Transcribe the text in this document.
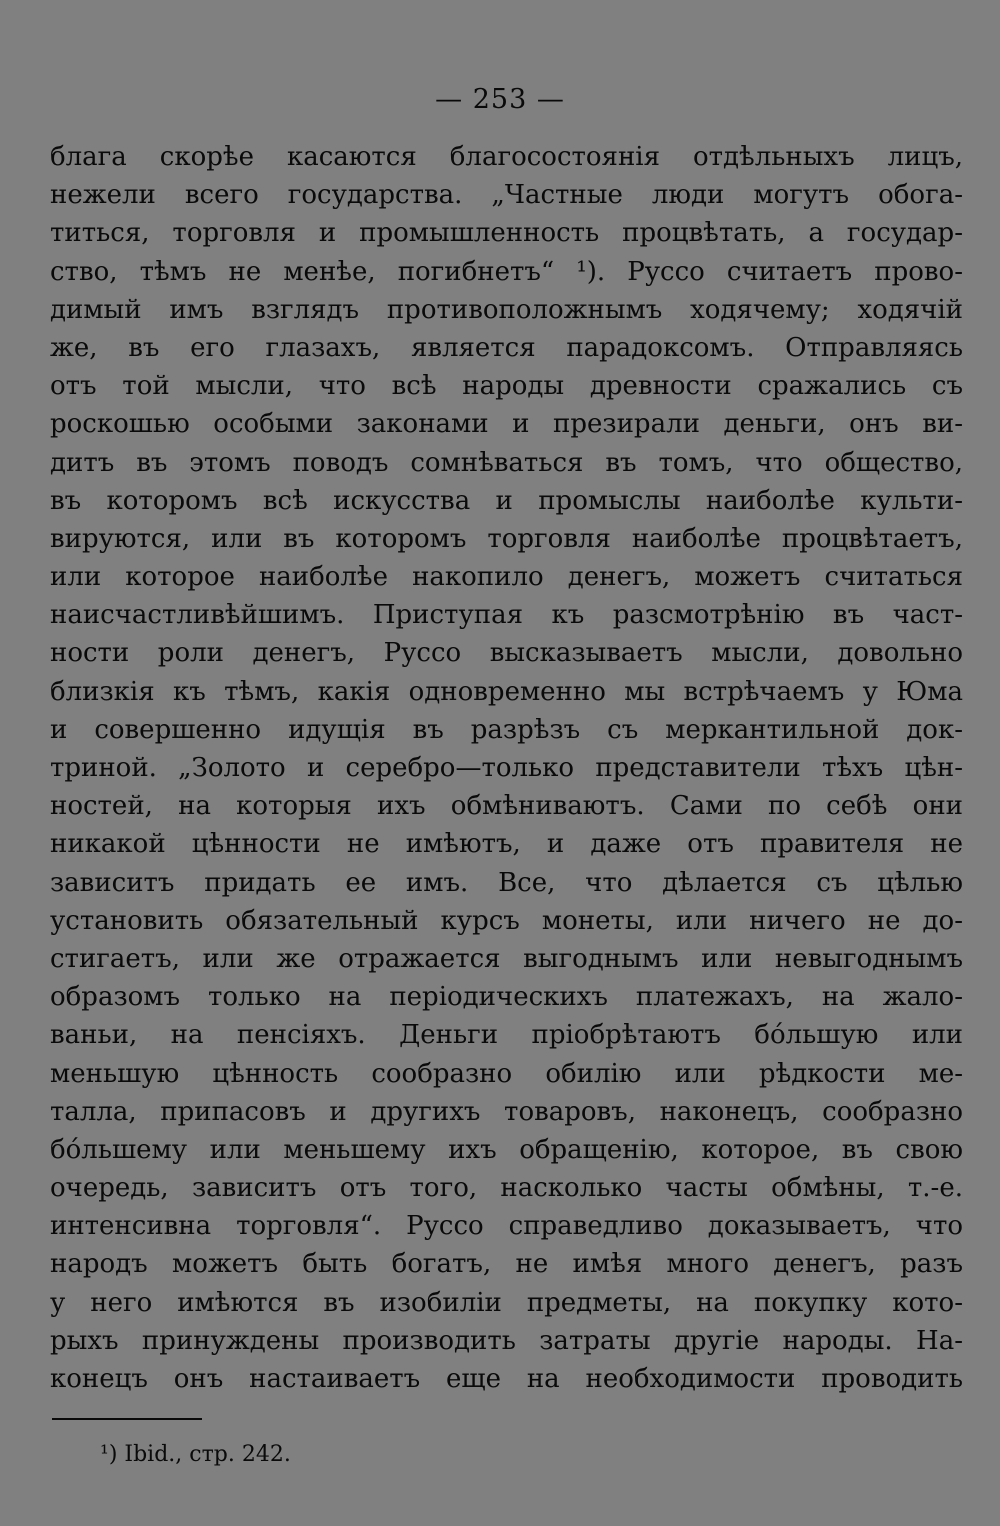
— 253 —
блага скорѣе касаются благосостоянія отдѣльныхъ лицъ,
нежели всего государства. „Частные люди могутъ обога-
титься, торговля и промышленность процвѣтать, а государ-
ство, тѣмъ не менѣе, погибнетъ“ ¹). Руссо считаетъ прово-
димый имъ взглядъ противоположнымъ ходячему; ходячій
же, въ его глазахъ, является парадоксомъ. Отправляясь
отъ той мысли, что всѣ народы древности сражались съ
роскошью особыми законами и презирали деньги, онъ ви-
дитъ въ этомъ поводъ сомнѣваться въ томъ, что общество,
въ которомъ всѣ искусства и промыслы наиболѣе культи-
вируются, или въ которомъ торговля наиболѣе процвѣтаетъ,
или которое наиболѣе накопило денегъ, можетъ считаться
наисчастливѣйшимъ. Приступая къ разсмотрѣнію въ част-
ности роли денегъ, Руссо высказываетъ мысли, довольно
близкія къ тѣмъ, какія одновременно мы встрѣчаемъ у Юма
и совершенно идущія въ разрѣзъ съ меркантильной док-
триной. „Золото и серебро—только представители тѣхъ цѣн-
ностей, на которыя ихъ обмѣниваютъ. Сами по себѣ они
никакой цѣнности не имѣютъ, и даже отъ правителя не
зависитъ придать ее имъ. Все, что дѣлается съ цѣлью
установить обязательный курсъ монеты, или ничего не до-
стигаетъ, или же отражается выгоднымъ или невыгоднымъ
образомъ только на періодическихъ платежахъ, на жало-
ваньи, на пенсіяхъ. Деньги пріобрѣтаютъ бо́льшую или
меньшую цѣнность сообразно обилію или рѣдкости ме-
талла, припасовъ и другихъ товаровъ, наконецъ, сообразно
бо́льшему или меньшему ихъ обращенію, которое, въ свою
очередь, зависитъ отъ того, насколько часты обмѣны, т.-е.
интенсивна торговля“. Руссо справедливо доказываетъ, что
народъ можетъ быть богатъ, не имѣя много денегъ, разъ
у него имѣются въ изобиліи предметы, на покупку кото-
рыхъ принуждены производить затраты другіе народы. На-
конецъ онъ настаиваетъ еще на необходимости проводить
¹) Ibid., стр. 242.
